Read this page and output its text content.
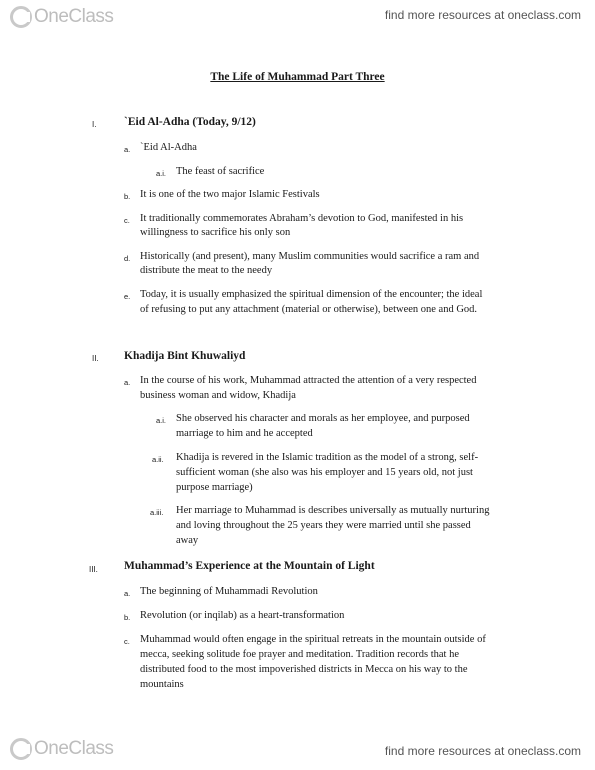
OneClass	find more resources at oneclass.com
The Life of Muhammad Part Three
I. `Eid Al-Adha (Today, 9/12)
a. `Eid Al-Adha
a.i. The feast of sacrifice
b. It is one of the two major Islamic Festivals
c. It traditionally commemorates Abraham’s devotion to God, manifested in his
willingness to sacrifice his only son
d. Historically (and present), many Muslim communities would sacrifice a ram and
distribute the meat to the needy
e. Today, it is usually emphasized the spiritual dimension of the encounter; the ideal
of refusing to put any attachment (material or otherwise), between one and God.
II. Khadija Bint Khuwaliyd
a. In the course of his work, Muhammad attracted the attention of a very respected
business woman and widow, Khadija
a.i. She observed his character and morals as her employee, and purposed
marriage to him and he accepted
a.ii. Khadija is revered in the Islamic tradition as the model of a strong, self-
sufficient woman (she also was his employer and 15 years old, not just
purpose marriage)
a.iii. Her marriage to Muhammad is describes universally as mutually nurturing
and loving throughout the 25 years they were married until she passed
away
III. Muhammad’s Experience at the Mountain of Light
a. The beginning of Muhammadi Revolution
b. Revolution (or inqilab) as a heart-transformation
c. Muhammad would often engage in the spiritual retreats in the mountain outside of
mecca, seeking solitude foe prayer and meditation. Tradition records that he
distributed food to the most impoverished districts in Mecca on his way to the
mountains
OneClass	find more resources at oneclass.com
